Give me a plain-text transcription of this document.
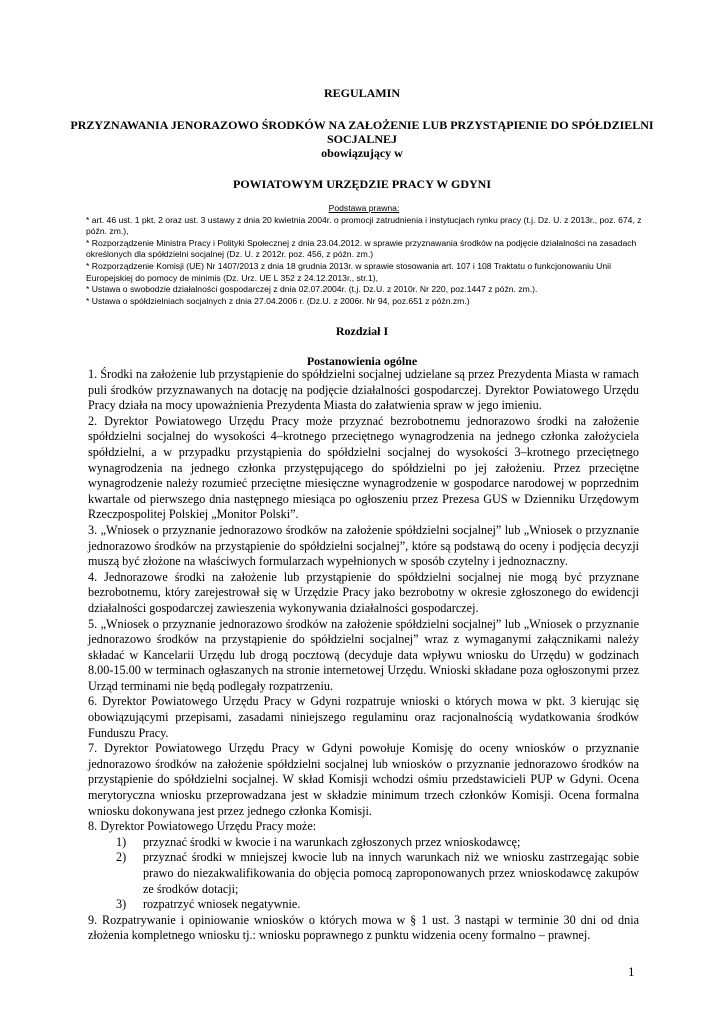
REGULAMIN
PRZYZNAWANIA JENORAZOWO ŚRODKÓW NA ZAŁOŻENIE LUB PRZYSTĄPIENIE DO SPÓŁDZIELNI SOCJALNEJ
obowiązujący w
POWIATOWYM URZĘDZIE PRACY W GDYNI

Podstawa prawna:

* art. 46 ust. 1 pkt. 2 oraz ust. 3 ustawy z dnia 20 kwietnia 2004r. o promocji zatrudnienia i instytucjach rynku pracy (t.j. Dz. U. z 2013r., poz. 674, z późn. zm.),

* Rozporządzenie Ministra Pracy i Polityki Społecznej z dnia 23.04.2012. w sprawie przyznawania środków na podjęcie działalności na zasadach określonych dla spółdzielni socjalnej (Dz. U. z 2012r. poz. 456, z późn. zm.)

* Rozporządzenie Komisji (UE) Nr 1407/2013 z dnia 18 grudnia 2013r. w sprawie stosowania art. 107 i 108 Traktatu o funkcjonowaniu Unii Europejskiej do pomocy de minimis (Dz. Urz. UE L 352 z 24.12.2013r., str.1),

* Ustawa o swobodzie działalności gospodarczej z dnia 02.07.2004r. (t.j. Dz.U. z 2010r. Nr 220, poz.1447 z późn. zm.).

* Ustawa o spółdzielniach socjalnych z dnia 27.04.2006 r. (Dz.U. z 2006r. Nr 94, poz.651 z późn.zm.)

Rozdział I
Postanowienia ogólne

1. Środki na założenie lub przystąpienie do spółdzielni socjalnej udzielane są przez Prezydenta Miasta w ramach puli środków przyznawanych na dotację na podjęcie działalności gospodarczej. Dyrektor Powiatowego Urzędu Pracy działa na mocy upoważnienia Prezydenta Miasta do załatwienia spraw w jego imieniu.

2. Dyrektor Powiatowego Urzędu Pracy może przyznać bezrobotnemu jednorazowo środki na założenie spółdzielni socjalnej do wysokości 4–krotnego przeciętnego wynagrodzenia na jednego członka założyciela spółdzielni, a w przypadku przystąpienia do spółdzielni socjalnej do wysokości 3–krotnego przeciętnego wynagrodzenia na jednego członka przystępującego do spółdzielni po jej założeniu. Przez przeciętne wynagrodzenie należy rozumieć przeciętne miesięczne wynagrodzenie w gospodarce narodowej w poprzednim kwartale od pierwszego dnia następnego miesiąca po ogłoszeniu przez Prezesa GUS w Dzienniku Urzędowym Rzeczpospolitej Polskiej „Monitor Polski”.

3. „Wniosek o przyznanie jednorazowo środków na założenie spółdzielni socjalnej” lub „Wniosek o przyznanie jednorazowo środków na przystąpienie do spółdzielni socjalnej”, które są podstawą do oceny i podjęcia decyzji muszą być złożone na właściwych formularzach wypełnionych w sposób czytelny i jednoznaczny.

4. Jednorazowe środki na założenie lub przystąpienie do spółdzielni socjalnej nie mogą być przyznane bezrobotnemu, który zarejestrował się w Urzędzie Pracy jako bezrobotny w okresie zgłoszonego do ewidencji działalności gospodarczej zawieszenia wykonywania działalności gospodarczej.

5. „Wniosek o przyznanie jednorazowo środków na założenie spółdzielni socjalnej” lub „Wniosek o przyznanie jednorazowo środków na przystąpienie do spółdzielni socjalnej” wraz z wymaganymi załącznikami należy składać w Kancelarii Urzędu lub drogą pocztową (decyduje data wpływu wniosku do Urzędu) w godzinach 8.00-15.00 w terminach ogłaszanych na stronie internetowej Urzędu. Wnioski składane poza ogłoszonymi przez Urząd terminami nie będą podlegały rozpatrzeniu.

6. Dyrektor Powiatowego Urzędu Pracy w Gdyni rozpatruje wnioski o których mowa w pkt. 3 kierując się obowiązującymi przepisami, zasadami niniejszego regulaminu oraz racjonalnością wydatkowania środków Funduszu Pracy.

7. Dyrektor Powiatowego Urzędu Pracy w Gdyni powołuje Komisję do oceny wniosków o przyznanie jednorazowo środków na założenie spółdzielni socjalnej lub wniosków o przyznanie jednorazowo środków na przystąpienie do spółdzielni socjalnej. W skład Komisji wchodzi ośmiu przedstawicieli PUP w Gdyni. Ocena merytoryczna wniosku przeprowadzana jest w składzie minimum trzech członków Komisji. Ocena formalna wniosku dokonywana jest przez jednego członka Komisji.

8. Dyrektor Powiatowego Urzędu Pracy może:

1) przyznać środki w kwocie i na warunkach zgłoszonych przez wnioskodawcę;
2) przyznać środki w mniejszej kwocie lub na innych warunkach niż we wniosku zastrzegając sobie prawo do niezakwalifikowania do objęcia pomocą zaproponowanych przez wnioskodawcę zakupów ze środków dotacji;
3) rozpatrzyć wniosek negatywnie.

9. Rozpatrywanie i opiniowanie wniosków o których mowa w § 1 ust. 3 nastąpi w terminie 30 dni od dnia złożenia kompletnego wniosku tj.: wniosku poprawnego z punktu widzenia oceny formalno – prawnej.

1
